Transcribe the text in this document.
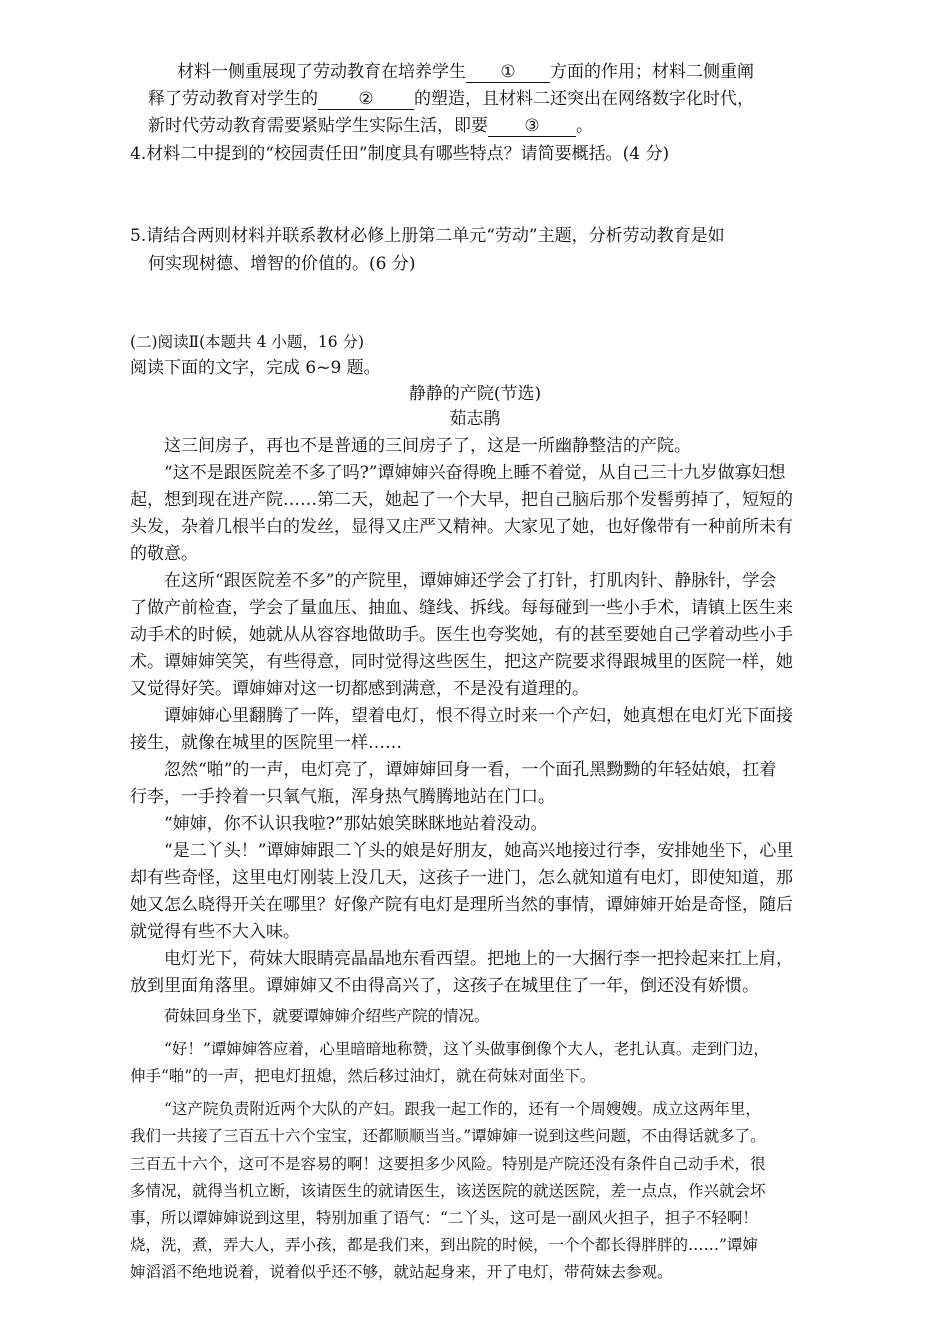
材料一侧重展现了劳动教育在培养学生 ① 方面的作用；材料二侧重阐
释了劳动教育对学生的 ② 的塑造，且材料二还突出在网络数字化时代，
新时代劳动教育需要紧贴学生实际生活，即要 ③ 。
4.材料二中提到的“校园责任田”制度具有哪些特点？请简要概括。(4 分)
5.请结合两则材料并联系教材必修上册第二单元“劳动”主题，分析劳动教育是如
何实现树德、增智的价值的。(6 分)
(二)阅读Ⅱ(本题共 4 小题，16 分)
阅读下面的文字，完成 6~9 题。
静静的产院(节选)
茹志鹃
这三间房子，再也不是普通的三间房子了，这是一所幽静整洁的产院。
“这不是跟医院差不多了吗?”谭婶婶兴奋得晚上睡不着觉，从自己三十九岁做寡妇想
起，想到现在进产院……第二天，她起了一个大早，把自己脑后那个发髻剪掉了，短短的
头发，杂着几根半白的发丝，显得又庄严又精神。大家见了她，也好像带有一种前所未有
的敬意。
在这所“跟医院差不多”的产院里，谭婶婶还学会了打针，打肌肉针、静脉针，学会
了做产前检查，学会了量血压、抽血、缝线、拆线。每每碰到一些小手术，请镇上医生来
动手术的时候，她就从从容容地做助手。医生也夸奖她，有的甚至要她自己学着动些小手
术。谭婶婶笑笑，有些得意，同时觉得这些医生，把这产院要求得跟城里的医院一样，她
又觉得好笑。谭婶婶对这一切都感到满意，不是没有道理的。
谭婶婶心里翻腾了一阵，望着电灯，恨不得立时来一个产妇，她真想在电灯光下面接
接生，就像在城里的医院里一样……
忽然“啪”的一声，电灯亮了，谭婶婶回身一看，一个面孔黑黝黝的年轻姑娘，扛着
行李，一手拎着一只氧气瓶，浑身热气腾腾地站在门口。
“婶婶，你不认识我啦?”那姑娘笑眯眯地站着没动。
“是二丫头！”谭婶婶跟二丫头的娘是好朋友，她高兴地接过行李，安排她坐下，心里
却有些奇怪，这里电灯刚装上没几天，这孩子一进门，怎么就知道有电灯，即使知道，那
她又怎么晓得开关在哪里？好像产院有电灯是理所当然的事情，谭婶婶开始是奇怪，随后
就觉得有些不大入味。
电灯光下，荷妹大眼睛亮晶晶地东看西望。把地上的一大捆行李一把拎起来扛上肩，
放到里面角落里。谭婶婶又不由得高兴了，这孩子在城里住了一年，倒还没有娇惯。
荷妹回身坐下，就要谭婶婶介绍些产院的情况。
“好！”谭婶婶答应着，心里暗暗地称赞，这丫头做事倒像个大人，老扎认真。走到门边，
伸手“啪”的一声，把电灯扭熄，然后移过油灯，就在荷妹对面坐下。
“这产院负责附近两个大队的产妇。跟我一起工作的，还有一个周嫂嫂。成立这两年里，
我们一共接了三百五十六个宝宝，还都顺顺当当。”谭婶婶一说到这些问题，不由得话就多了。
三百五十六个，这可不是容易的啊！这要担多少风险。特别是产院还没有条件自己动手术，很
多情况，就得当机立断，该请医生的就请医生，该送医院的就送医院，差一点点，作兴就会坏
事，所以谭婶婶说到这里，特别加重了语气：“二丫头，这可是一副风火担子，担子不轻啊！
烧，洗，煮，弄大人，弄小孩，都是我们来，到出院的时候，一个个都长得胖胖的……”谭婶
婶滔滔不绝地说着，说着似乎还不够，就站起身来，开了电灯，带荷妹去参观。
